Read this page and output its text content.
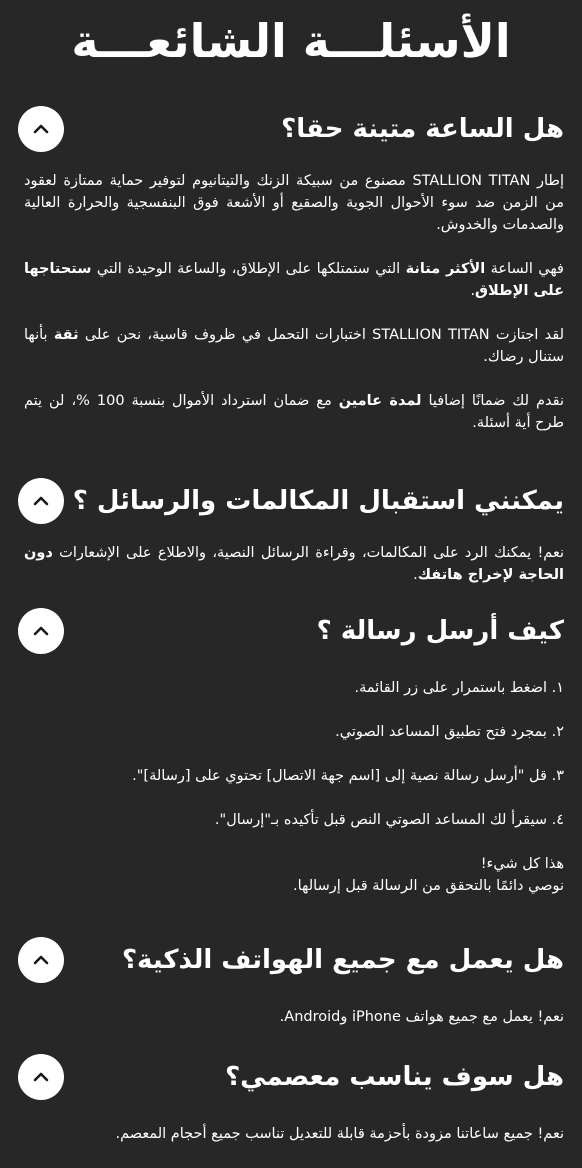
الأسئلـــة الشائعـــة
هل الساعة متينة حقا؟

إطار STALLION TITAN مصنوع من سبيكة الزنك والتيتانيوم لتوفير حماية ممتازة لعقود من الزمن ضد سوء الأحوال الجوية والصقيع أو الأشعة فوق البنفسجية والحرارة العالية والصدمات والخدوش.

فهي الساعة الأكثر متانة التي ستمتلكها على الإطلاق، والساعة الوحيدة التي ستحتاجها على الإطلاق.

لقد اجتازت STALLION TITAN اختبارات التحمل في ظروف قاسية، نحن على ثقة بأنها ستنال رضاك.

نقدم لك ضمانًا إضافيا لمدة عامين مع ضمان استرداد الأموال بنسبة 100 %، لن يتم طرح أية أسئلة.

يمكنني استقبال المكالمات والرسائل ؟

نعم! يمكنك الرد على المكالمات، وقراءة الرسائل النصية، والاطلاع على الإشعارات دون الحاجة لإخراج هاتفك.

كيف أرسل رسالة ؟

١. اضغط باستمرار على زر القائمة.

٢. بمجرد فتح تطبيق المساعد الصوتي.

٣. قل "أرسل رسالة نصية إلى [اسم جهة الاتصال] تحتوي على [رسالة]".

٤. سيقرأ لك المساعد الصوتي النص قبل تأكيده بـ"إرسال".

هذا كل شيء!

نوصي دائمًا بالتحقق من الرسالة قبل إرسالها.

هل يعمل مع جميع الهواتف الذكية؟

نعم! يعمل مع جميع هواتف iPhone وAndroid.

هل سوف يناسب معصمي؟

نعم! جميع ساعاتنا مزودة بأحزمة قابلة للتعديل تناسب جميع أحجام المعصم.
